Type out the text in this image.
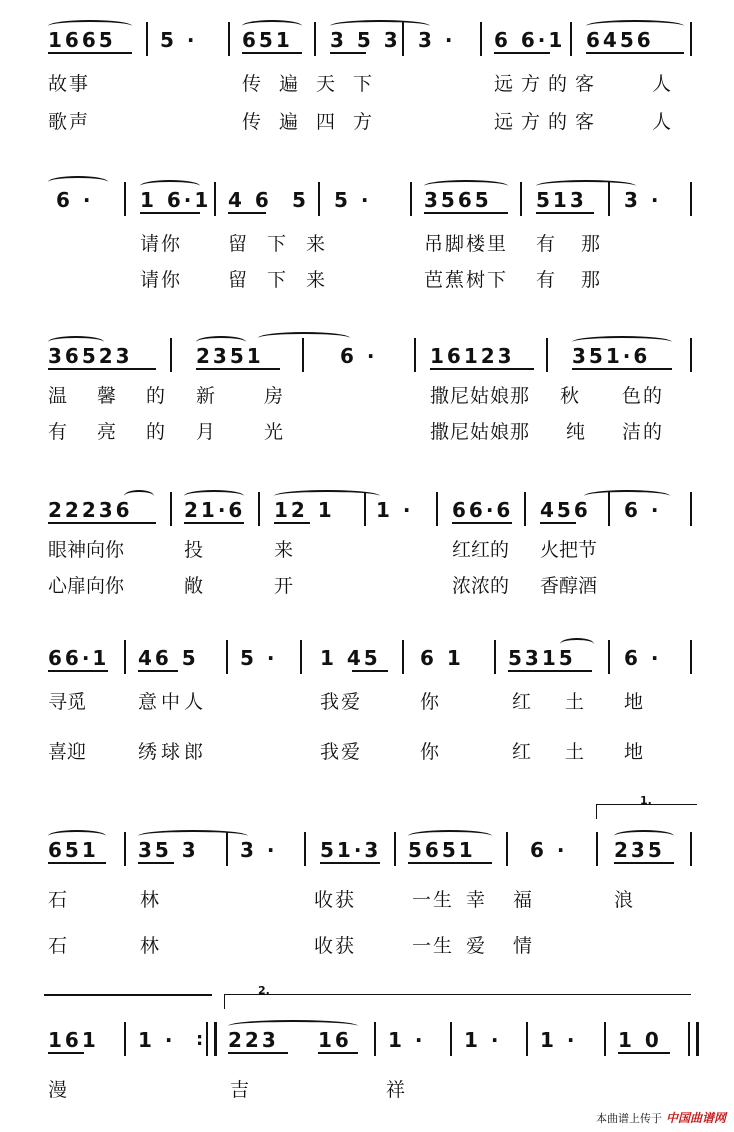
1665 5 · 651 3 5 3 3 · 6 6·1 6456
故事	传遍天下	远方的客	人
歌声	传遍四方	远方的客	人
6 · 1 6·1 4 6 5 5 ·	3565 513 3 ·
请你 留下来	吊脚楼里 有那
请你 留下来	芭蕉树下 有那
36523	2351	6 ·	16123	351·6
温馨的 新 房	撒尼姑娘那 秋 色的
有亮的 月 光	撒尼姑娘那 纯 洁的
22236	21·6 12 1 1 · 66·6 456 6 ·
眼神向你	投	来	红红的 火把节
心扉向你	敞	开	浓浓的 香醇酒
66·1 46 5 5 · 1 45 6 1 5315 6 ·
寻觅	意中人	我爱	你	红土 地
喜迎	绣球郎	我爱	你	红土 地
1.
651 35 3 3 · 51·3 5651	6 · 235
石	林	收获	一生 幸福	浪
石	林	收获	一生 爱情
2.
161 1 · : 223 16 1 · 1 · 1 · 1 0
漫	吉	祥
本曲谱上传于 中国曲谱网
